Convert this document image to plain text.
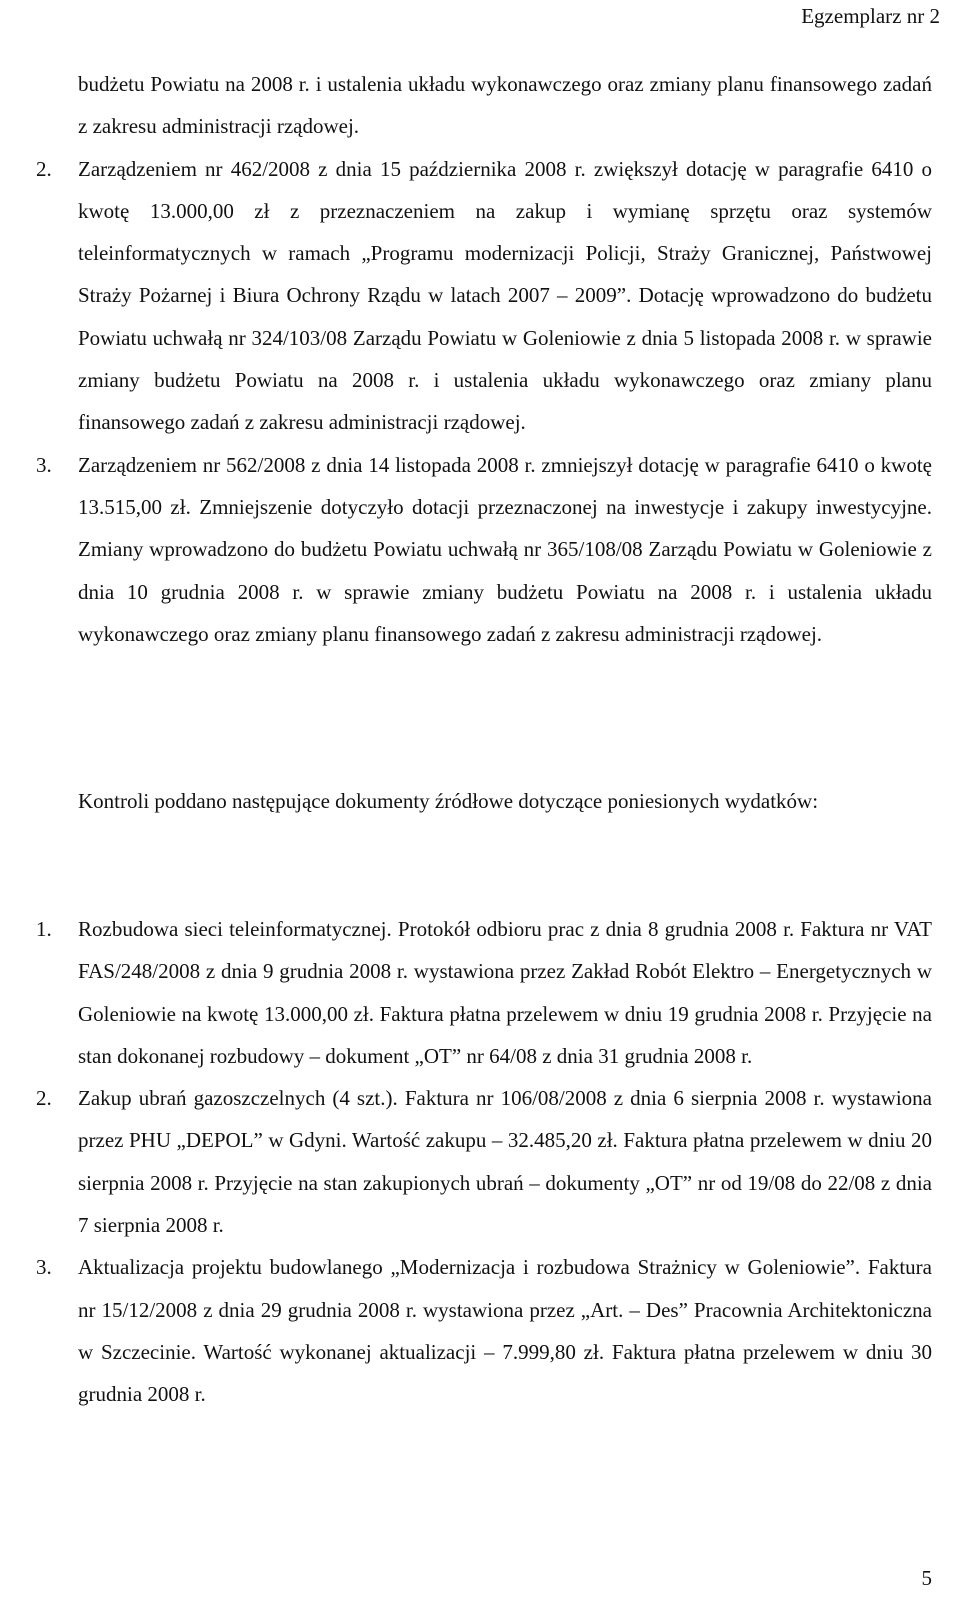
Egzemplarz nr 2
budżetu Powiatu na 2008 r. i ustalenia układu wykonawczego oraz zmiany planu finansowego zadań z zakresu administracji rządowej.
2. Zarządzeniem nr 462/2008 z dnia 15 października 2008 r. zwiększył dotację w paragrafie 6410 o kwotę 13.000,00 zł z przeznaczeniem na zakup i wymianę sprzętu oraz systemów teleinformatycznych w ramach „Programu modernizacji Policji, Straży Granicznej, Państwowej Straży Pożarnej i Biura Ochrony Rządu w latach 2007 – 2009”. Dotację wprowadzono do budżetu Powiatu uchwałą nr 324/103/08 Zarządu Powiatu w Goleniowie z dnia 5 listopada 2008 r. w sprawie zmiany budżetu Powiatu na 2008 r. i ustalenia układu wykonawczego oraz zmiany planu finansowego zadań z zakresu administracji rządowej.
3. Zarządzeniem nr 562/2008 z dnia 14 listopada 2008 r. zmniejszył dotację w paragrafie 6410 o kwotę 13.515,00 zł. Zmniejszenie dotyczyło dotacji przeznaczonej na inwestycje i zakupy inwestycyjne. Zmiany wprowadzono do budżetu Powiatu uchwałą nr 365/108/08 Zarządu Powiatu w Goleniowie z dnia 10 grudnia 2008 r. w sprawie zmiany budżetu Powiatu na 2008 r. i ustalenia układu wykonawczego oraz zmiany planu finansowego zadań z zakresu administracji rządowej.
Kontroli poddano następujące dokumenty źródłowe dotyczące poniesionych wydatków:
1. Rozbudowa sieci teleinformatycznej. Protokół odbioru prac z dnia 8 grudnia 2008 r. Faktura nr VAT FAS/248/2008 z dnia 9 grudnia 2008 r. wystawiona przez Zakład Robót Elektro – Energetycznych w Goleniowie na kwotę 13.000,00 zł. Faktura płatna przelewem w dniu 19 grudnia 2008 r. Przyjęcie na stan dokonanej rozbudowy – dokument „OT” nr 64/08 z dnia 31 grudnia 2008 r.
2. Zakup ubrań gazoszczelnych (4 szt.). Faktura nr 106/08/2008 z dnia 6 sierpnia 2008 r. wystawiona przez PHU „DEPOL” w Gdyni. Wartość zakupu – 32.485,20 zł. Faktura płatna przelewem w dniu 20 sierpnia 2008 r. Przyjęcie na stan zakupionych ubrań – dokumenty „OT” nr od 19/08 do 22/08 z dnia 7 sierpnia 2008 r.
3. Aktualizacja projektu budowlanego „Modernizacja i rozbudowa Strażnicy w Goleniowie”. Faktura nr 15/12/2008 z dnia 29 grudnia 2008 r. wystawiona przez „Art. – Des” Pracownia Architektoniczna w Szczecinie. Wartość wykonanej aktualizacji – 7.999,80 zł. Faktura płatna przelewem w dniu 30 grudnia 2008 r.
5
